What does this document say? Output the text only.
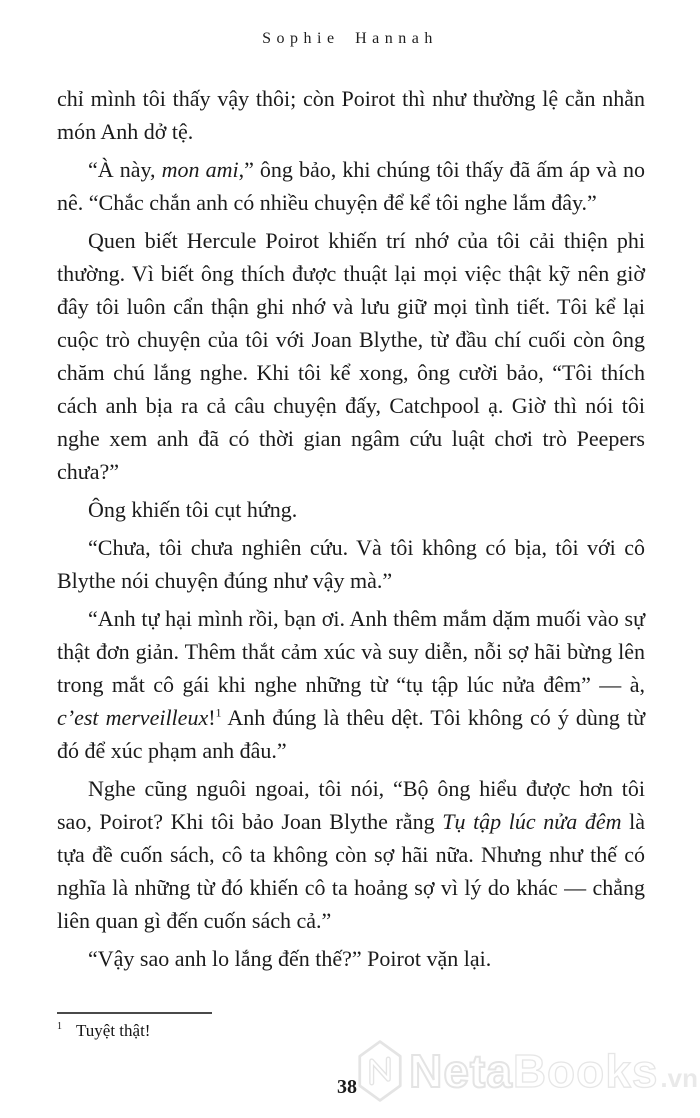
Sophie Hannah

chỉ mình tôi thấy vậy thôi; còn Poirot thì như thường lệ cằn nhằn món Anh dở tệ.

“À này, mon ami,” ông bảo, khi chúng tôi thấy đã ấm áp và no nê. “Chắc chắn anh có nhiều chuyện để kể tôi nghe lắm đây.”

Quen biết Hercule Poirot khiến trí nhớ của tôi cải thiện phi thường. Vì biết ông thích được thuật lại mọi việc thật kỹ nên giờ đây tôi luôn cẩn thận ghi nhớ và lưu giữ mọi tình tiết. Tôi kể lại cuộc trò chuyện của tôi với Joan Blythe, từ đầu chí cuối còn ông chăm chú lắng nghe. Khi tôi kể xong, ông cười bảo, “Tôi thích cách anh bịa ra cả câu chuyện đấy, Catchpool ạ. Giờ thì nói tôi nghe xem anh đã có thời gian ngâm cứu luật chơi trò Peepers chưa?”

Ông khiến tôi cụt hứng.

“Chưa, tôi chưa nghiên cứu. Và tôi không có bịa, tôi với cô Blythe nói chuyện đúng như vậy mà.”

“Anh tự hại mình rồi, bạn ơi. Anh thêm mắm dặm muối vào sự thật đơn giản. Thêm thắt cảm xúc và suy diễn, nỗi sợ hãi bừng lên trong mắt cô gái khi nghe những từ “tụ tập lúc nửa đêm” — à, c’est merveilleux!$^1$ Anh đúng là thêu dệt. Tôi không có ý dùng từ đó để xúc phạm anh đâu.”

Nghe cũng nguôi ngoai, tôi nói, “Bộ ông hiểu được hơn tôi sao, Poirot? Khi tôi bảo Joan Blythe rằng Tụ tập lúc nửa đêm là tựa đề cuốn sách, cô ta không còn sợ hãi nữa. Nhưng như thế có nghĩa là những từ đó khiến cô ta hoảng sợ vì lý do khác — chẳng liên quan gì đến cuốn sách cả.”

“Vậy sao anh lo lắng đến thế?” Poirot vặn lại.

$^1$ Tuyệt thật!
38	NetaBooks.vn
